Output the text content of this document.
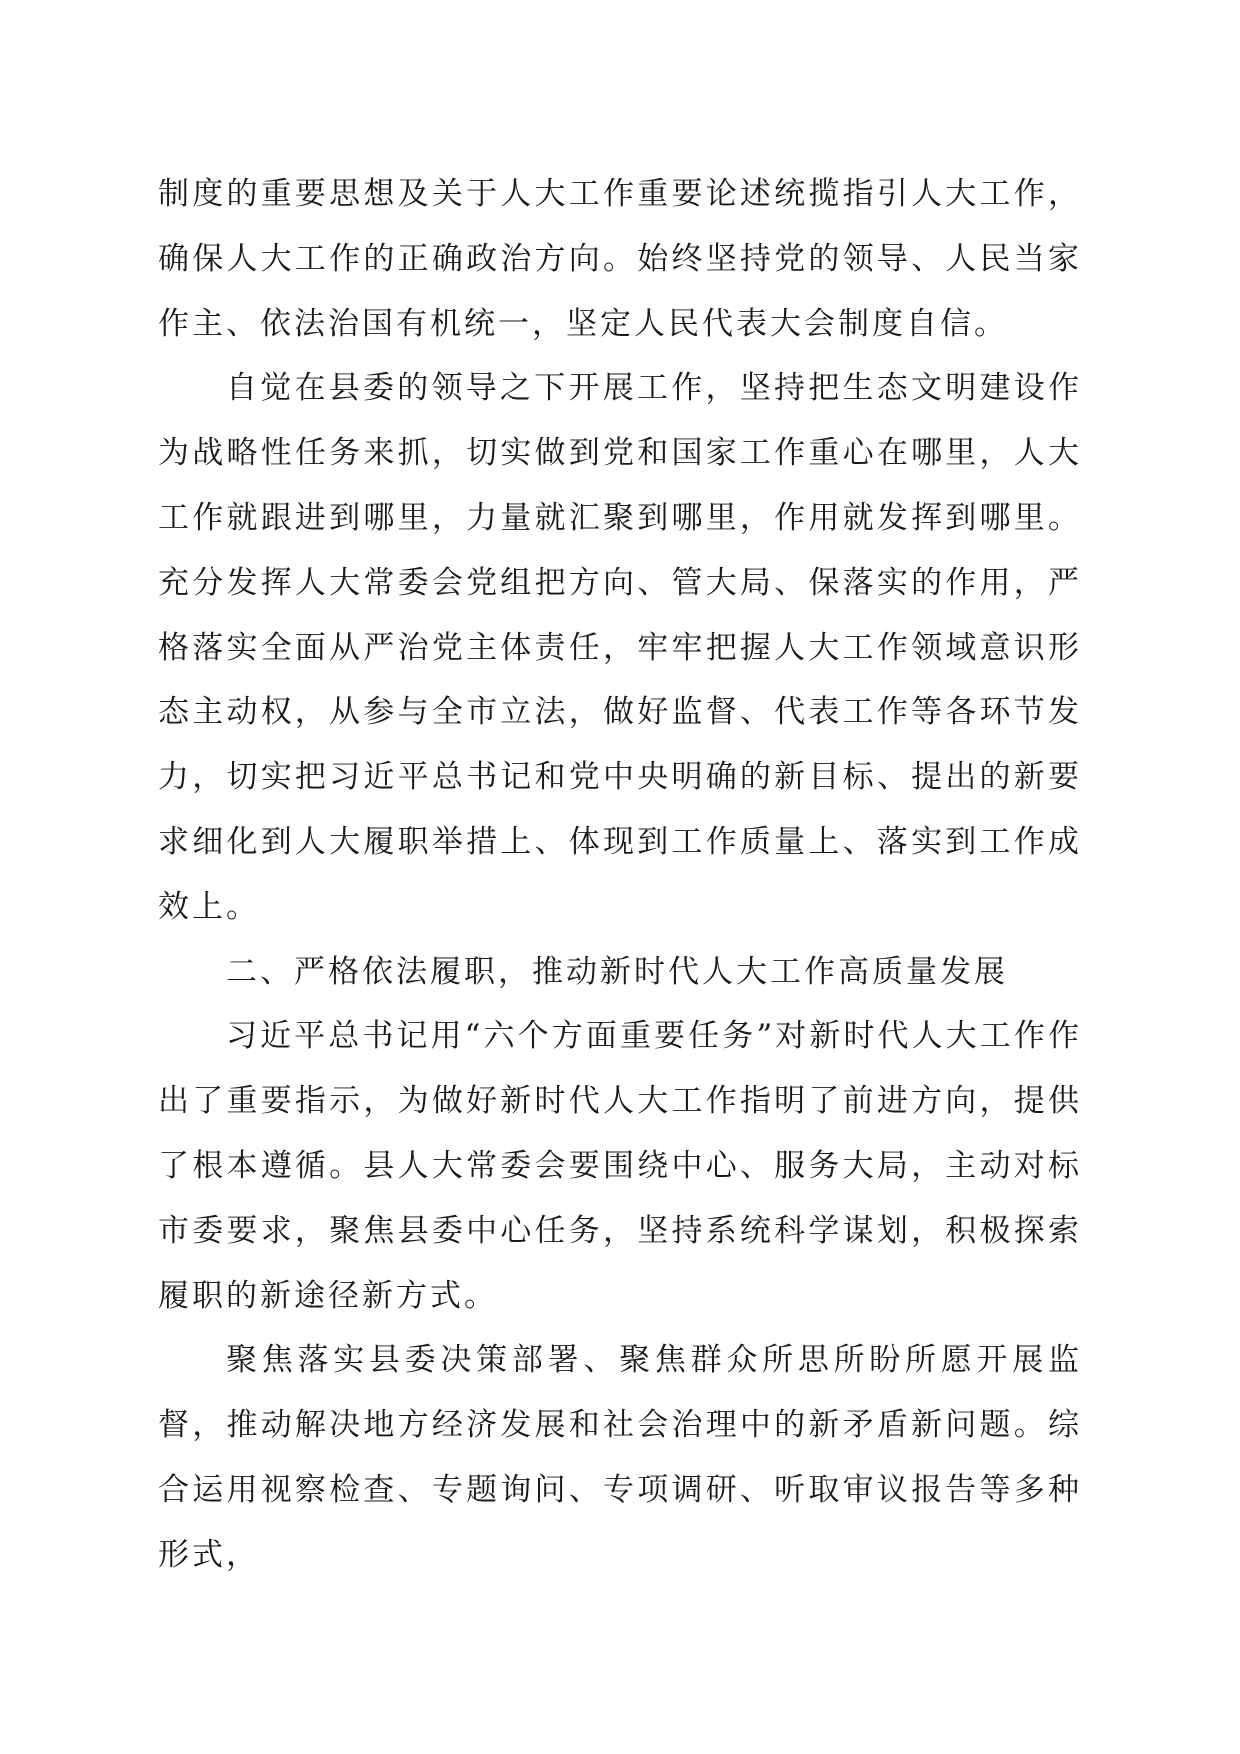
制度的重要思想及关于人大工作重要论述统揽指引人大工作，确保人大工作的正确政治方向。始终坚持党的领导、人民当家作主、依法治国有机统一，坚定人民代表大会制度自信。

自觉在县委的领导之下开展工作，坚持把生态文明建设作为战略性任务来抓，切实做到党和国家工作重心在哪里，人大工作就跟进到哪里，力量就汇聚到哪里，作用就发挥到哪里。充分发挥人大常委会党组把方向、管大局、保落实的作用，严格落实全面从严治党主体责任，牢牢把握人大工作领域意识形态主动权，从参与全市立法，做好监督、代表工作等各环节发力，切实把习近平总书记和党中央明确的新目标、提出的新要求细化到人大履职举措上、体现到工作质量上、落实到工作成效上。

二、严格依法履职，推动新时代人大工作高质量发展

习近平总书记用“六个方面重要任务”对新时代人大工作作出了重要指示，为做好新时代人大工作指明了前进方向，提供了根本遵循。县人大常委会要围绕中心、服务大局，主动对标市委要求，聚焦县委中心任务，坚持系统科学谋划，积极探索履职的新途径新方式。

聚焦落实县委决策部署、聚焦群众所思所盼所愿开展监督，推动解决地方经济发展和社会治理中的新矛盾新问题。综合运用视察检查、专题询问、专项调研、听取审议报告等多种形式，
